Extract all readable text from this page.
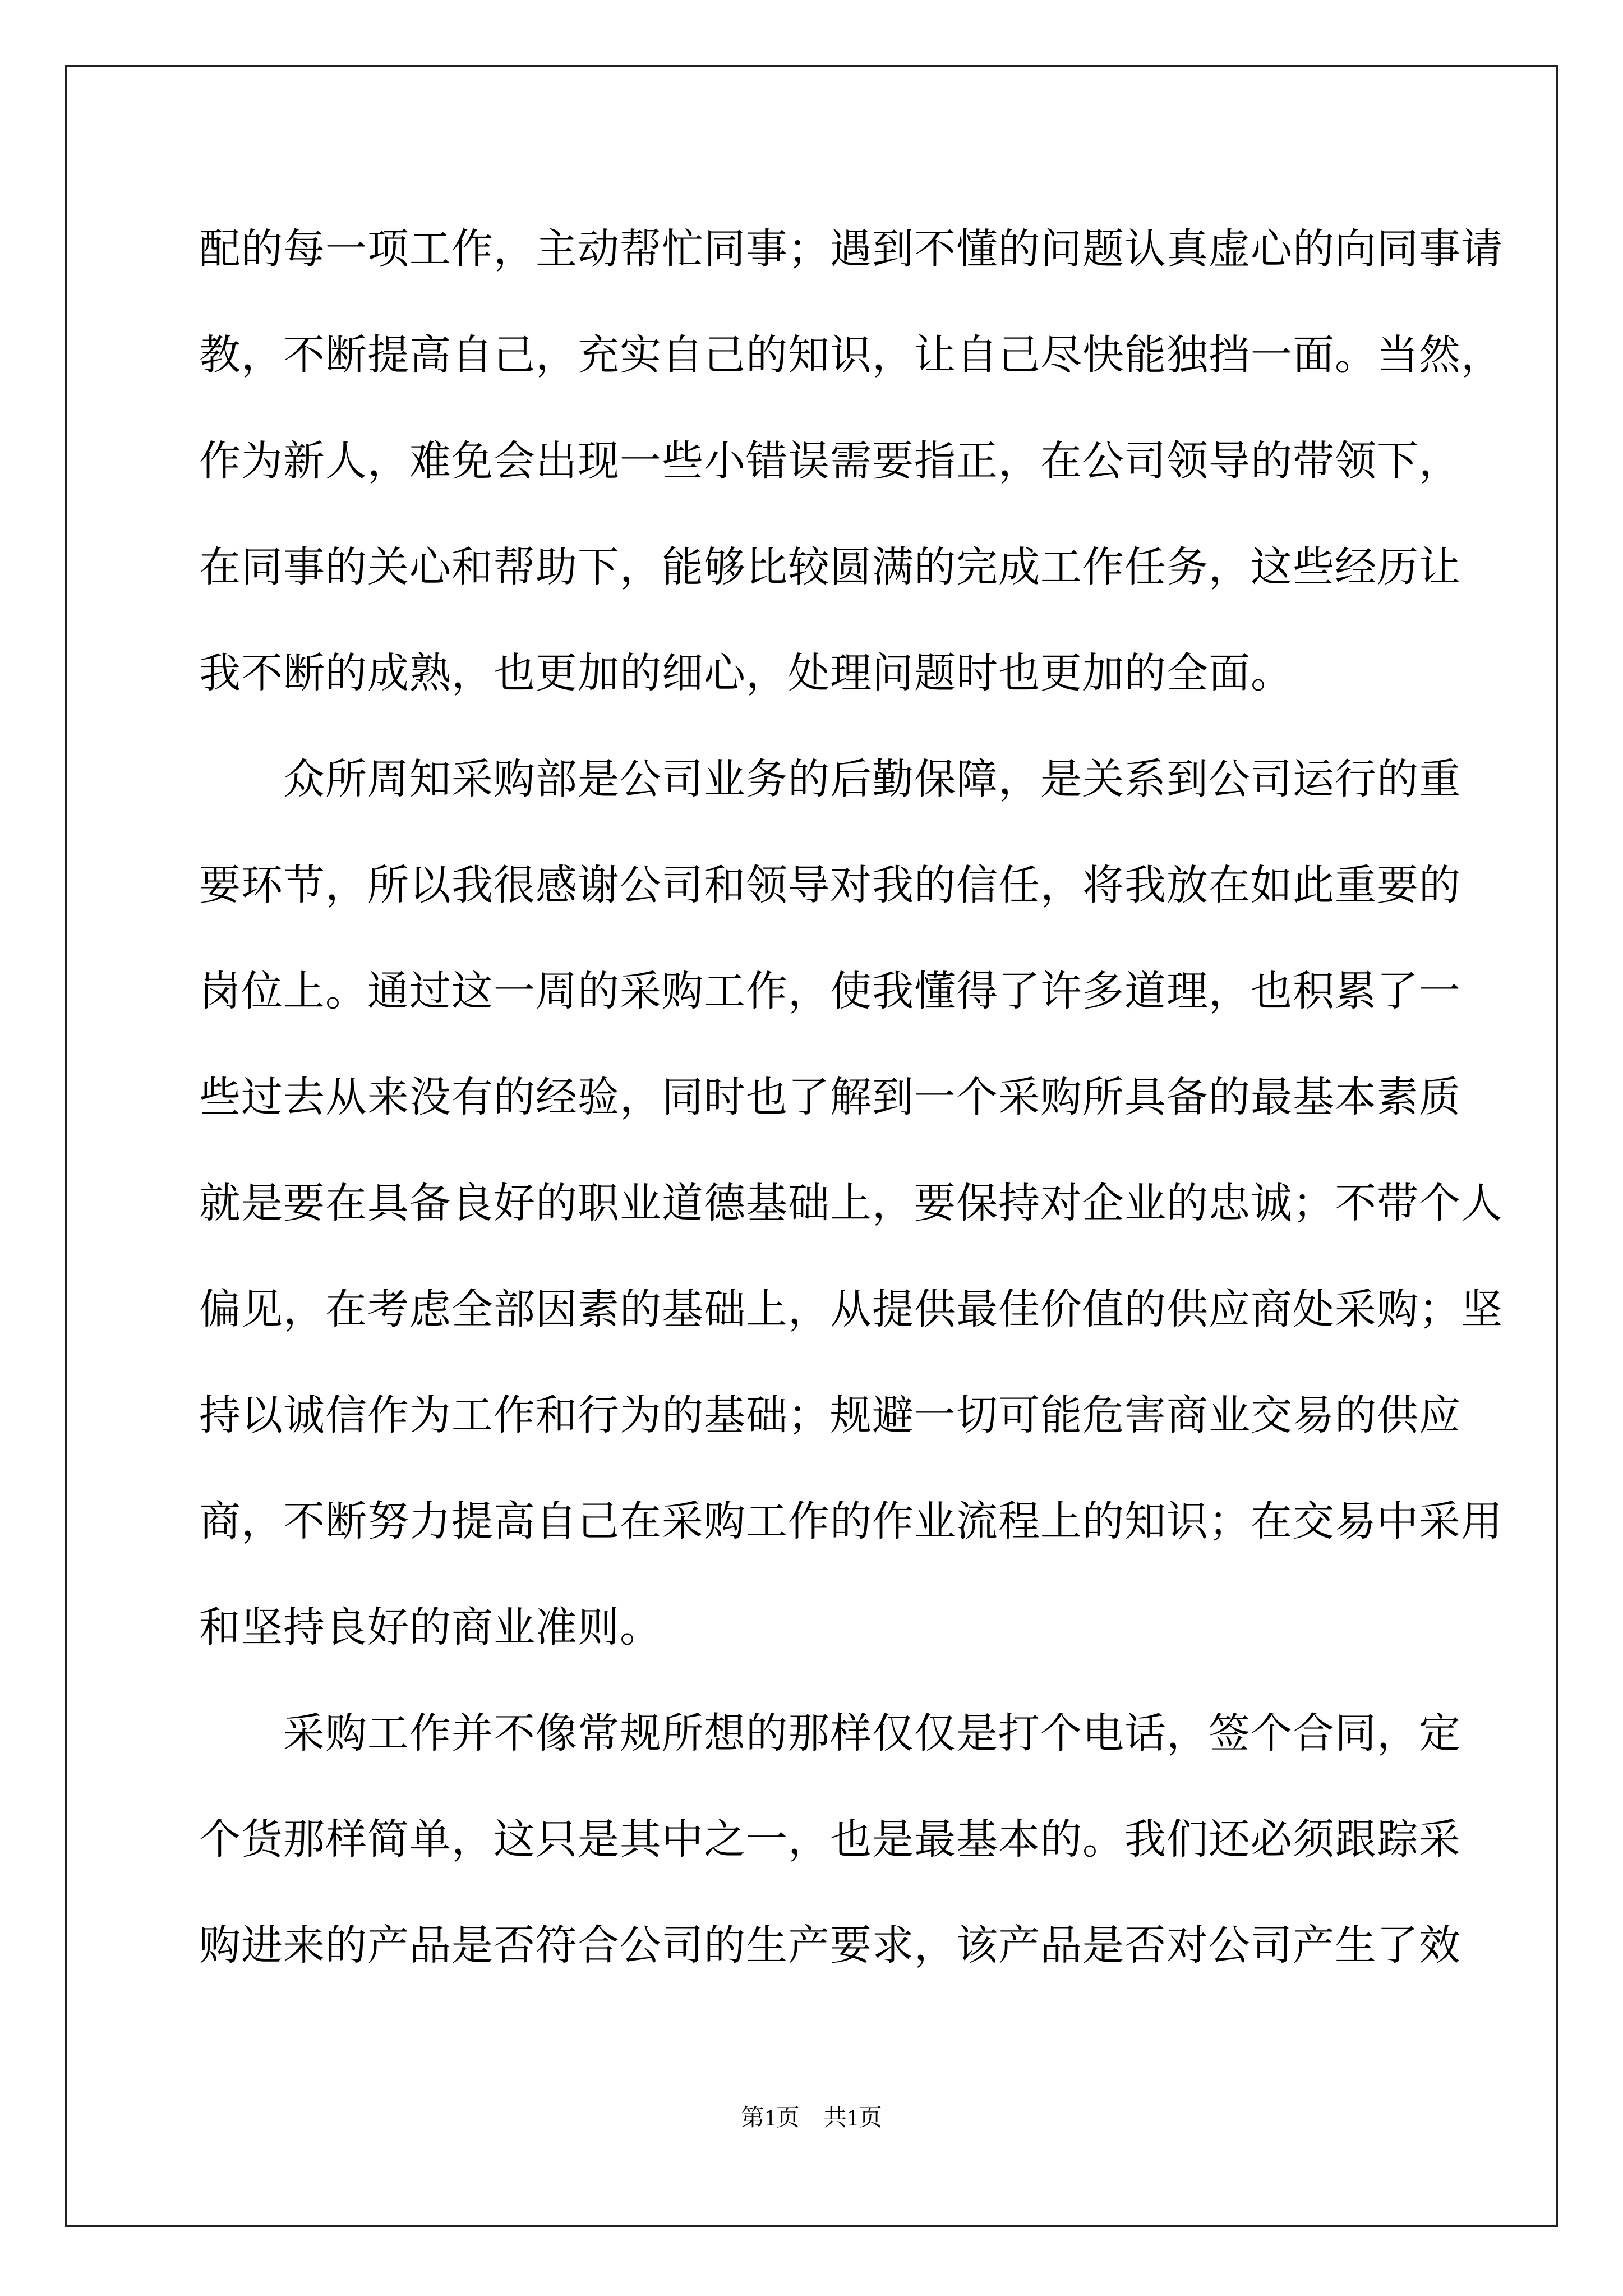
配的每一项工作，主动帮忙同事；遇到不懂的问题认真虚心的向同事请
教，不断提高自己，充实自己的知识，让自己尽快能独挡一面。当然，
作为新人，难免会出现一些小错误需要指正，在公司领导的带领下，
在同事的关心和帮助下，能够比较圆满的完成工作任务，这些经历让
我不断的成熟，也更加的细心，处理问题时也更加的全面。
众所周知采购部是公司业务的后勤保障，是关系到公司运行的重
要环节，所以我很感谢公司和领导对我的信任，将我放在如此重要的
岗位上。通过这一周的采购工作，使我懂得了许多道理，也积累了一
些过去从来没有的经验，同时也了解到一个采购所具备的最基本素质
就是要在具备良好的职业道德基础上，要保持对企业的忠诚；不带个人
偏见，在考虑全部因素的基础上，从提供最佳价值的供应商处采购；坚
持以诚信作为工作和行为的基础；规避一切可能危害商业交易的供应
商，不断努力提高自己在采购工作的作业流程上的知识；在交易中采用
和坚持良好的商业准则。
采购工作并不像常规所想的那样仅仅是打个电话，签个合同，定
个货那样简单，这只是其中之一，也是最基本的。我们还必须跟踪采
购进来的产品是否符合公司的生产要求，该产品是否对公司产生了效
第1页　共1页
